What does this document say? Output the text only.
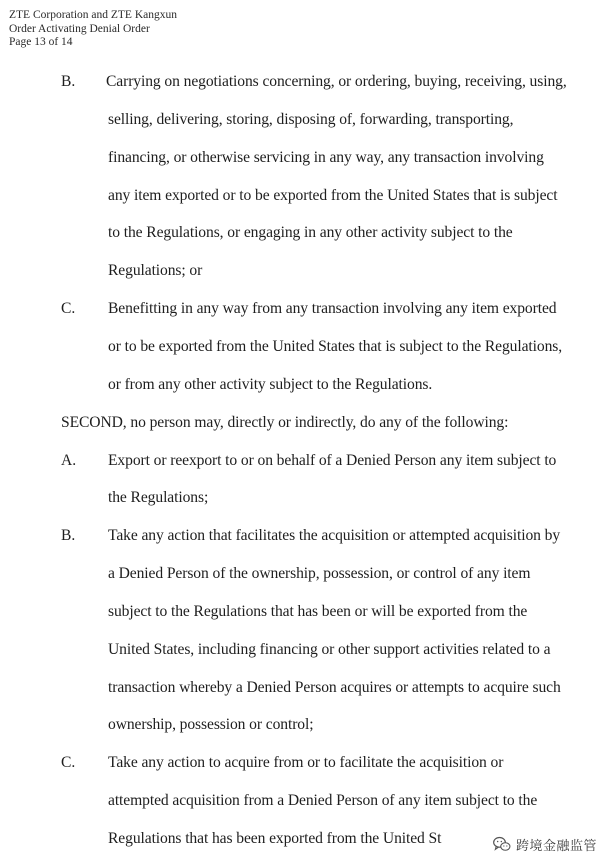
ZTE Corporation and ZTE Kangxun
Order Activating Denial Order
Page 13 of 14
B. Carrying on negotiations concerning, or ordering, buying, receiving, using,
selling, delivering, storing, disposing of, forwarding, transporting,
financing, or otherwise servicing in any way, any transaction involving
any item exported or to be exported from the United States that is subject
to the Regulations, or engaging in any other activity subject to the
Regulations; or
C. Benefitting in any way from any transaction involving any item exported
or to be exported from the United States that is subject to the Regulations,
or from any other activity subject to the Regulations.
SECOND, no person may, directly or indirectly, do any of the following:
A. Export or reexport to or on behalf of a Denied Person any item subject to
the Regulations;
B. Take any action that facilitates the acquisition or attempted acquisition by
a Denied Person of the ownership, possession, or control of any item
subject to the Regulations that has been or will be exported from the
United States, including financing or other support activities related to a
transaction whereby a Denied Person acquires or attempts to acquire such
ownership, possession or control;
C. Take any action to acquire from or to facilitate the acquisition or
attempted acquisition from a Denied Person of any item subject to the
Regulations that has been exported from the United St	跨境金融监管
